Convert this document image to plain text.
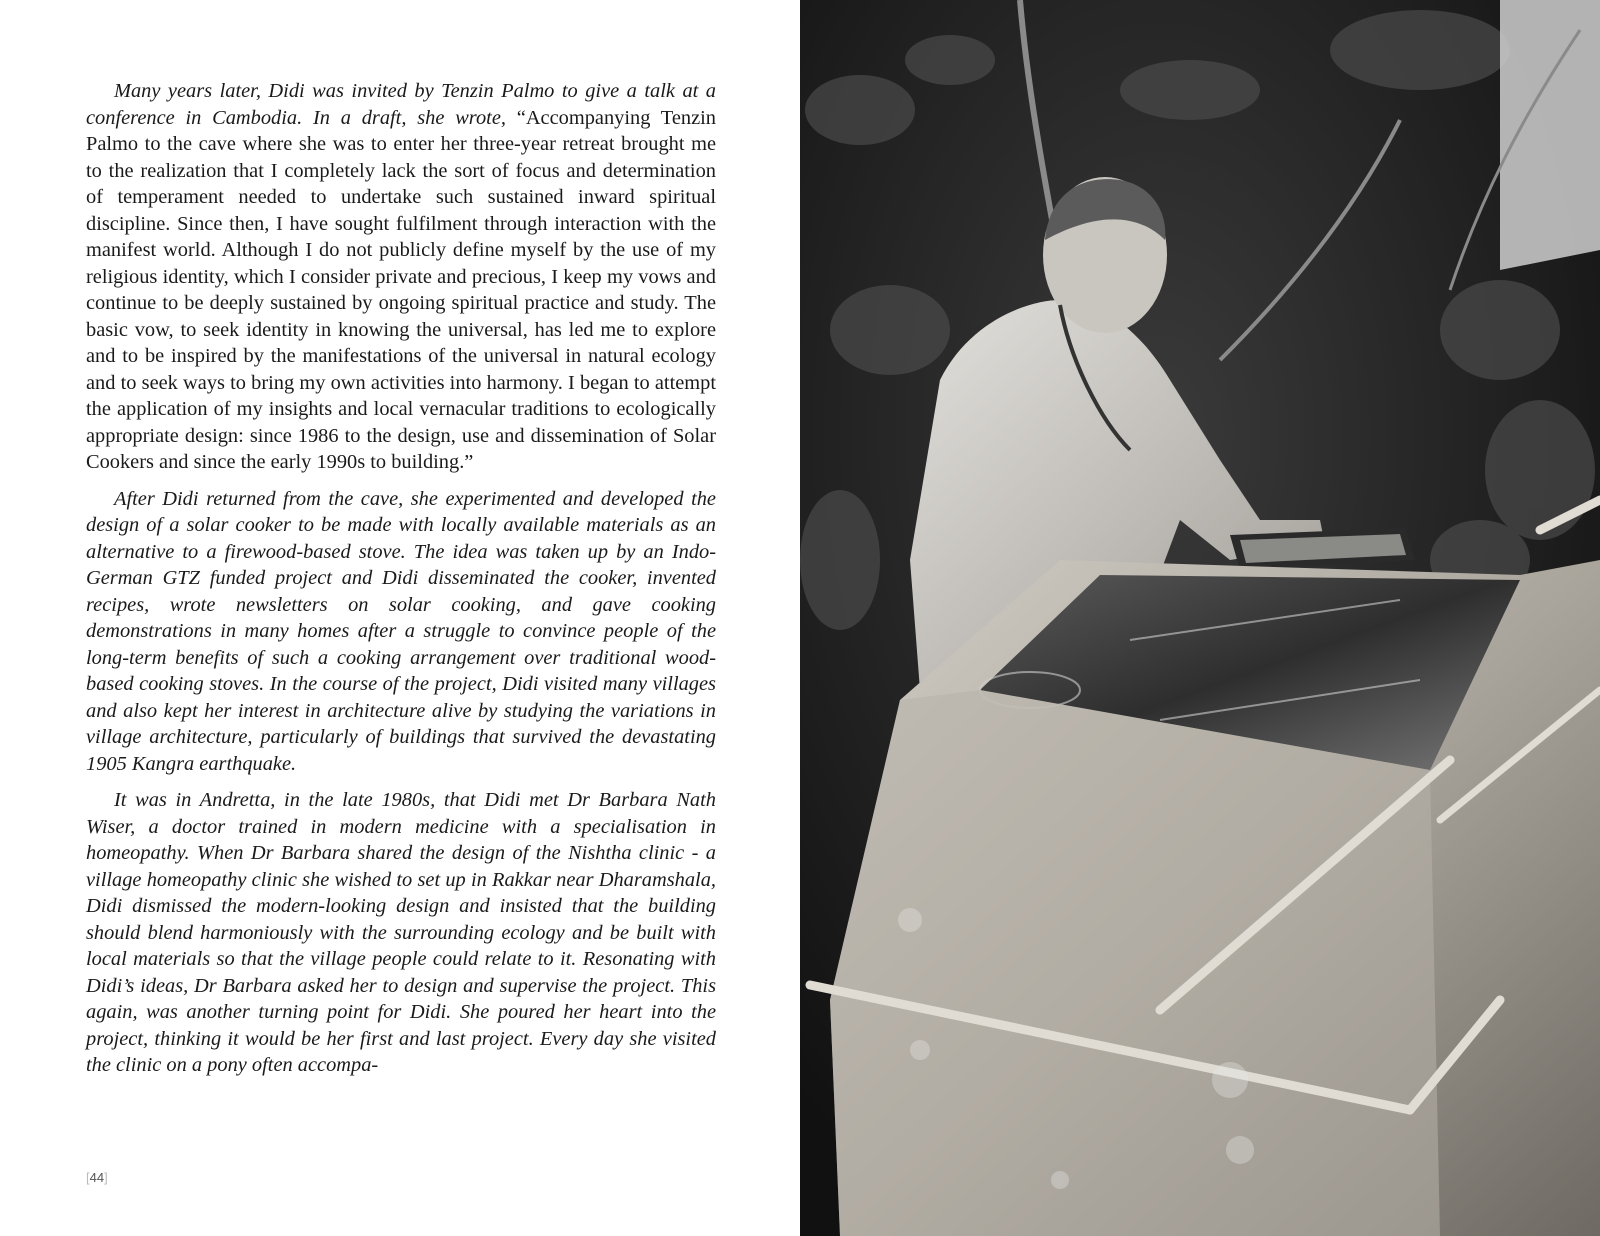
Many years later, Didi was invited by Tenzin Palmo to give a talk at a conference in Cambodia. In a draft, she wrote, “Accompanying Tenzin Palmo to the cave where she was to enter her three-year retreat brought me to the realization that I completely lack the sort of focus and determination of temperament needed to undertake such sustained inward spiritual discipline. Since then, I have sought fulfilment through interaction with the manifest world. Although I do not publicly define myself by the use of my religious identity, which I consider private and precious, I keep my vows and continue to be deeply sustained by ongoing spiritual practice and study. The basic vow, to seek identity in knowing the universal, has led me to explore and to be inspired by the manifestations of the universal in natural ecology and to seek ways to bring my own activities into harmony. I began to attempt the application of my insights and local vernacular traditions to ecologically appropriate design: since 1986 to the design, use and dissemination of Solar Cookers and since the early 1990s to building.”

After Didi returned from the cave, she experimented and developed the design of a solar cooker to be made with locally available materials as an alternative to a firewood-based stove. The idea was taken up by an Indo-German GTZ funded project and Didi disseminated the cooker, invented recipes, wrote newsletters on solar cooking, and gave cooking demonstrations in many homes after a struggle to convince people of the long-term benefits of such a cooking arrangement over traditional wood-based cooking stoves. In the course of the project, Didi visited many villages and also kept her interest in architecture alive by studying the variations in village architecture, particularly of buildings that survived the devastating 1905 Kangra earthquake.

It was in Andretta, in the late 1980s, that Didi met Dr Barbara Nath Wiser, a doctor trained in modern medicine with a specialisation in homeopathy. When Dr Barbara shared the design of the Nishtha clinic - a village homeopathy clinic she wished to set up in Rakkar near Dharamshala, Didi dismissed the modern-looking design and insisted that the building should blend harmoniously with the surrounding ecology and be built with local materials so that the village people could relate to it. Resonating with Didi’s ideas, Dr Barbara asked her to design and supervise the project. This again, was another turning point for Didi. She poured her heart into the project, thinking it would be her first and last project. Every day she visited the clinic on a pony often accompa-

[44]
